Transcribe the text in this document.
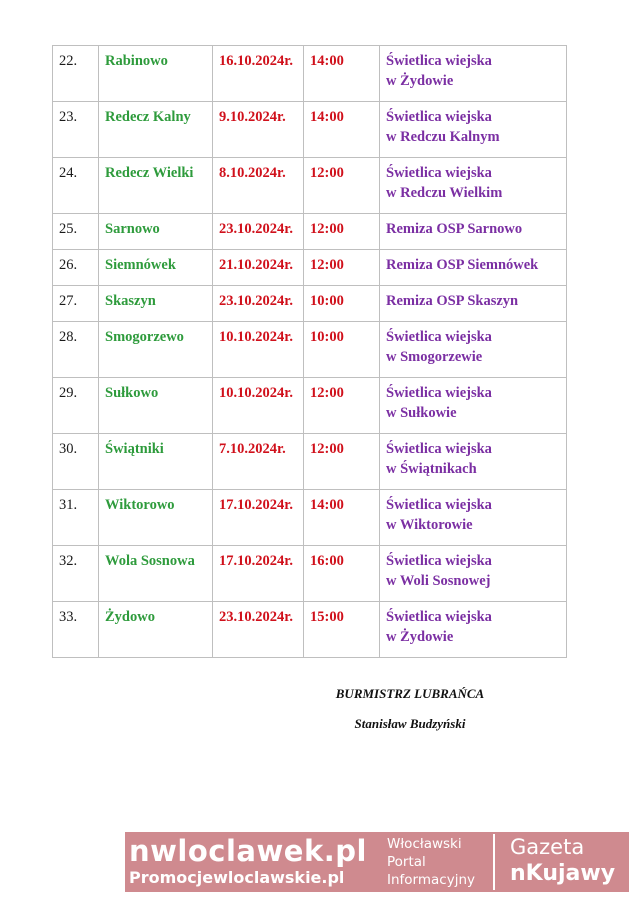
22.	Rabinowo	16.10.2024r.	14:00	Świetlica wiejska
w Żydowie

23.	Redecz Kalny	9.10.2024r.	14:00	Świetlica wiejska
w Redczu Kalnym

24.	Redecz Wielki	8.10.2024r.	12:00	Świetlica wiejska
w Redczu Wielkim

25.	Sarnowo	23.10.2024r.	12:00	Remiza OSP Sarnowo

26.	Siemnówek	21.10.2024r.	12:00	Remiza OSP Siemnówek

27.	Skaszyn	23.10.2024r.	10:00	Remiza OSP Skaszyn

28.	Smogorzewo	10.10.2024r.	10:00	Świetlica wiejska
w Smogorzewie

29.	Sułkowo	10.10.2024r.	12:00	Świetlica wiejska
w Sułkowie

30.	Świątniki	7.10.2024r.	12:00	Świetlica wiejska
w Świątnikach

31.	Wiktorowo	17.10.2024r.	14:00	Świetlica wiejska
w Wiktorowie

32.	Wola Sosnowa	17.10.2024r.	16:00	Świetlica wiejska
w Woli Sosnowej

33.	Żydowo	23.10.2024r.	15:00	Świetlica wiejska
w Żydowie
BURMISTRZ LUBRAŃCA
Stanisław Budzyński
nwloclawek.pl
Promocjewloclawskie.pl
Włocławski
Portal
Informacyjny
Gazeta
nKujawy
